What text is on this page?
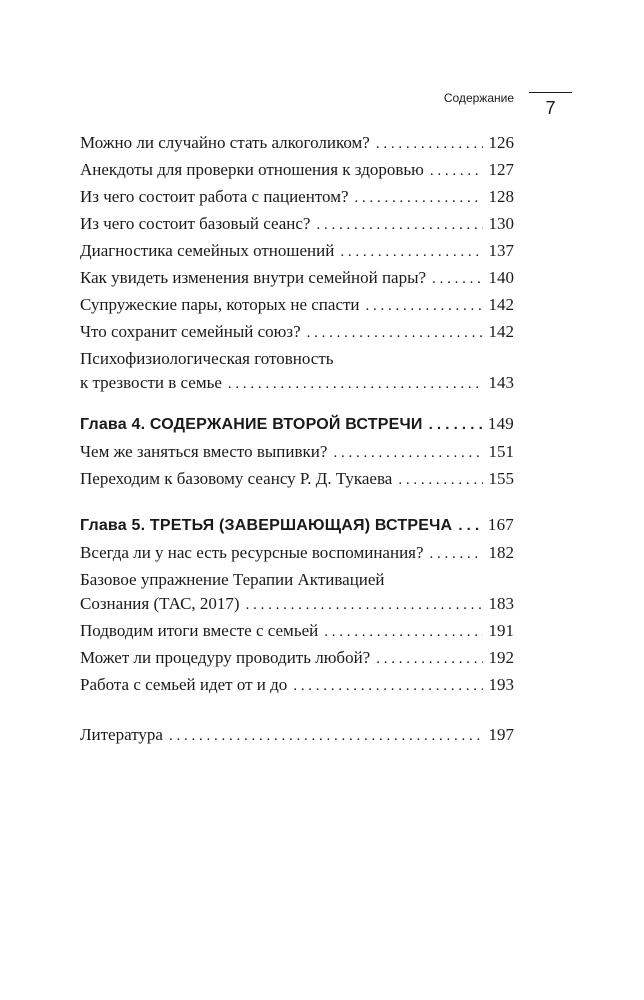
Содержание	7
Можно ли случайно стать алкоголиком? . . .	126
Анекдоты для проверки отношения к здоровью . . .	127
Из чего состоит работа с пациентом? . . .	128
Из чего состоит базовый сеанс? . . .	130
Диагностика семейных отношений . . .	137
Как увидеть изменения внутри семейной пары? . . .	140
Супружеские пары, которых не спасти . . .	142
Что сохранит семейный союз? . . .	142
Психофизиологическая готовность
к трезвости в семье . . .	143
Глава 4. СОДЕРЖАНИЕ ВТОРОЙ ВСТРЕЧИ . . .	149
Чем же заняться вместо выпивки? . . .	151
Переходим к базовому сеансу Р. Д. Тукаева . . .	155
Глава 5. ТРЕТЬЯ (ЗАВЕРШАЮЩАЯ) ВСТРЕЧА . . . 167
Всегда ли у нас есть ресурсные воспоминания? . . .	182
Базовое упражнение Терапии Активацией
Сознания (ТАС, 2017) . . .	183
Подводим итоги вместе с семьей . . .	191
Может ли процедуру проводить любой? . . .	192
Работа с семьей идет от и до . . .	193
Литература . . .	197
